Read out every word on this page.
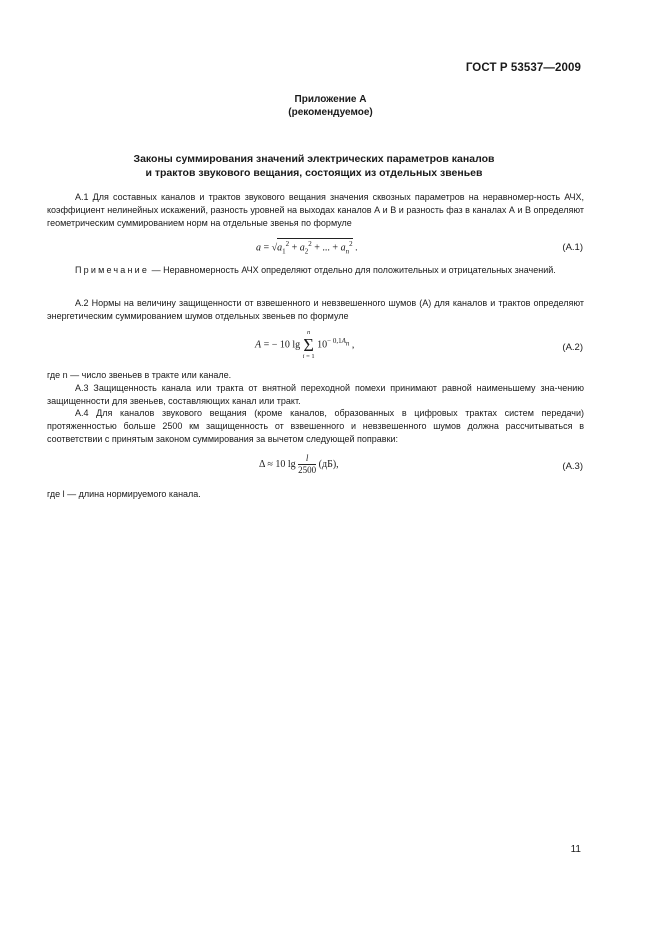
ГОСТ Р 53537—2009
Приложение А
(рекомендуемое)
Законы суммирования значений электрических параметров каналов
и трактов звукового вещания, состоящих из отдельных звеньев
А.1 Для составных каналов и трактов звукового вещания значения сквозных параметров на неравномер-ность АЧХ, коэффициент нелинейных искажений, разность уровней на выходах каналов А и В и разность фаз в каналах А и В определяют геометрическим суммированием норм на отдельные звенья по формуле
$a = √a_1^2 + a_2^2$ + ... + $a_n^2$ .	(А.1)
Примечание — Неравномерность АЧХ определяют отдельно для положительных и отрицательных значений.
А.2 Нормы на величину защищенности от взвешенного и невзвешенного шумов (А) для каналов и трактов определяют энергетическим суммированием шумов отдельных звеньев по формуле
A = − 10 lg
n
Σ
i = 1
$10^{- 0,1A_n}$ ,	(А.2)
где n — число звеньев в тракте или канале.
А.3 Защищенность канала или тракта от внятной переходной помехи принимают равной наименьшему зна-чению защищенности для звеньев, составляющих канал или тракт.
А.4 Для каналов звукового вещания (кроме каналов, образованных в цифровых трактах систем передачи) протяженностью больше 2500 км защищенность от взвешенного и невзвешенного шумов должна рассчитываться в соответствии с принятым законом суммирования за вычетом следующей поправки:
Δ ≈ 10 $\lg \frac{l}{2500} (дБ)$,	(А.3)
где l — длина нормируемого канала.
11
